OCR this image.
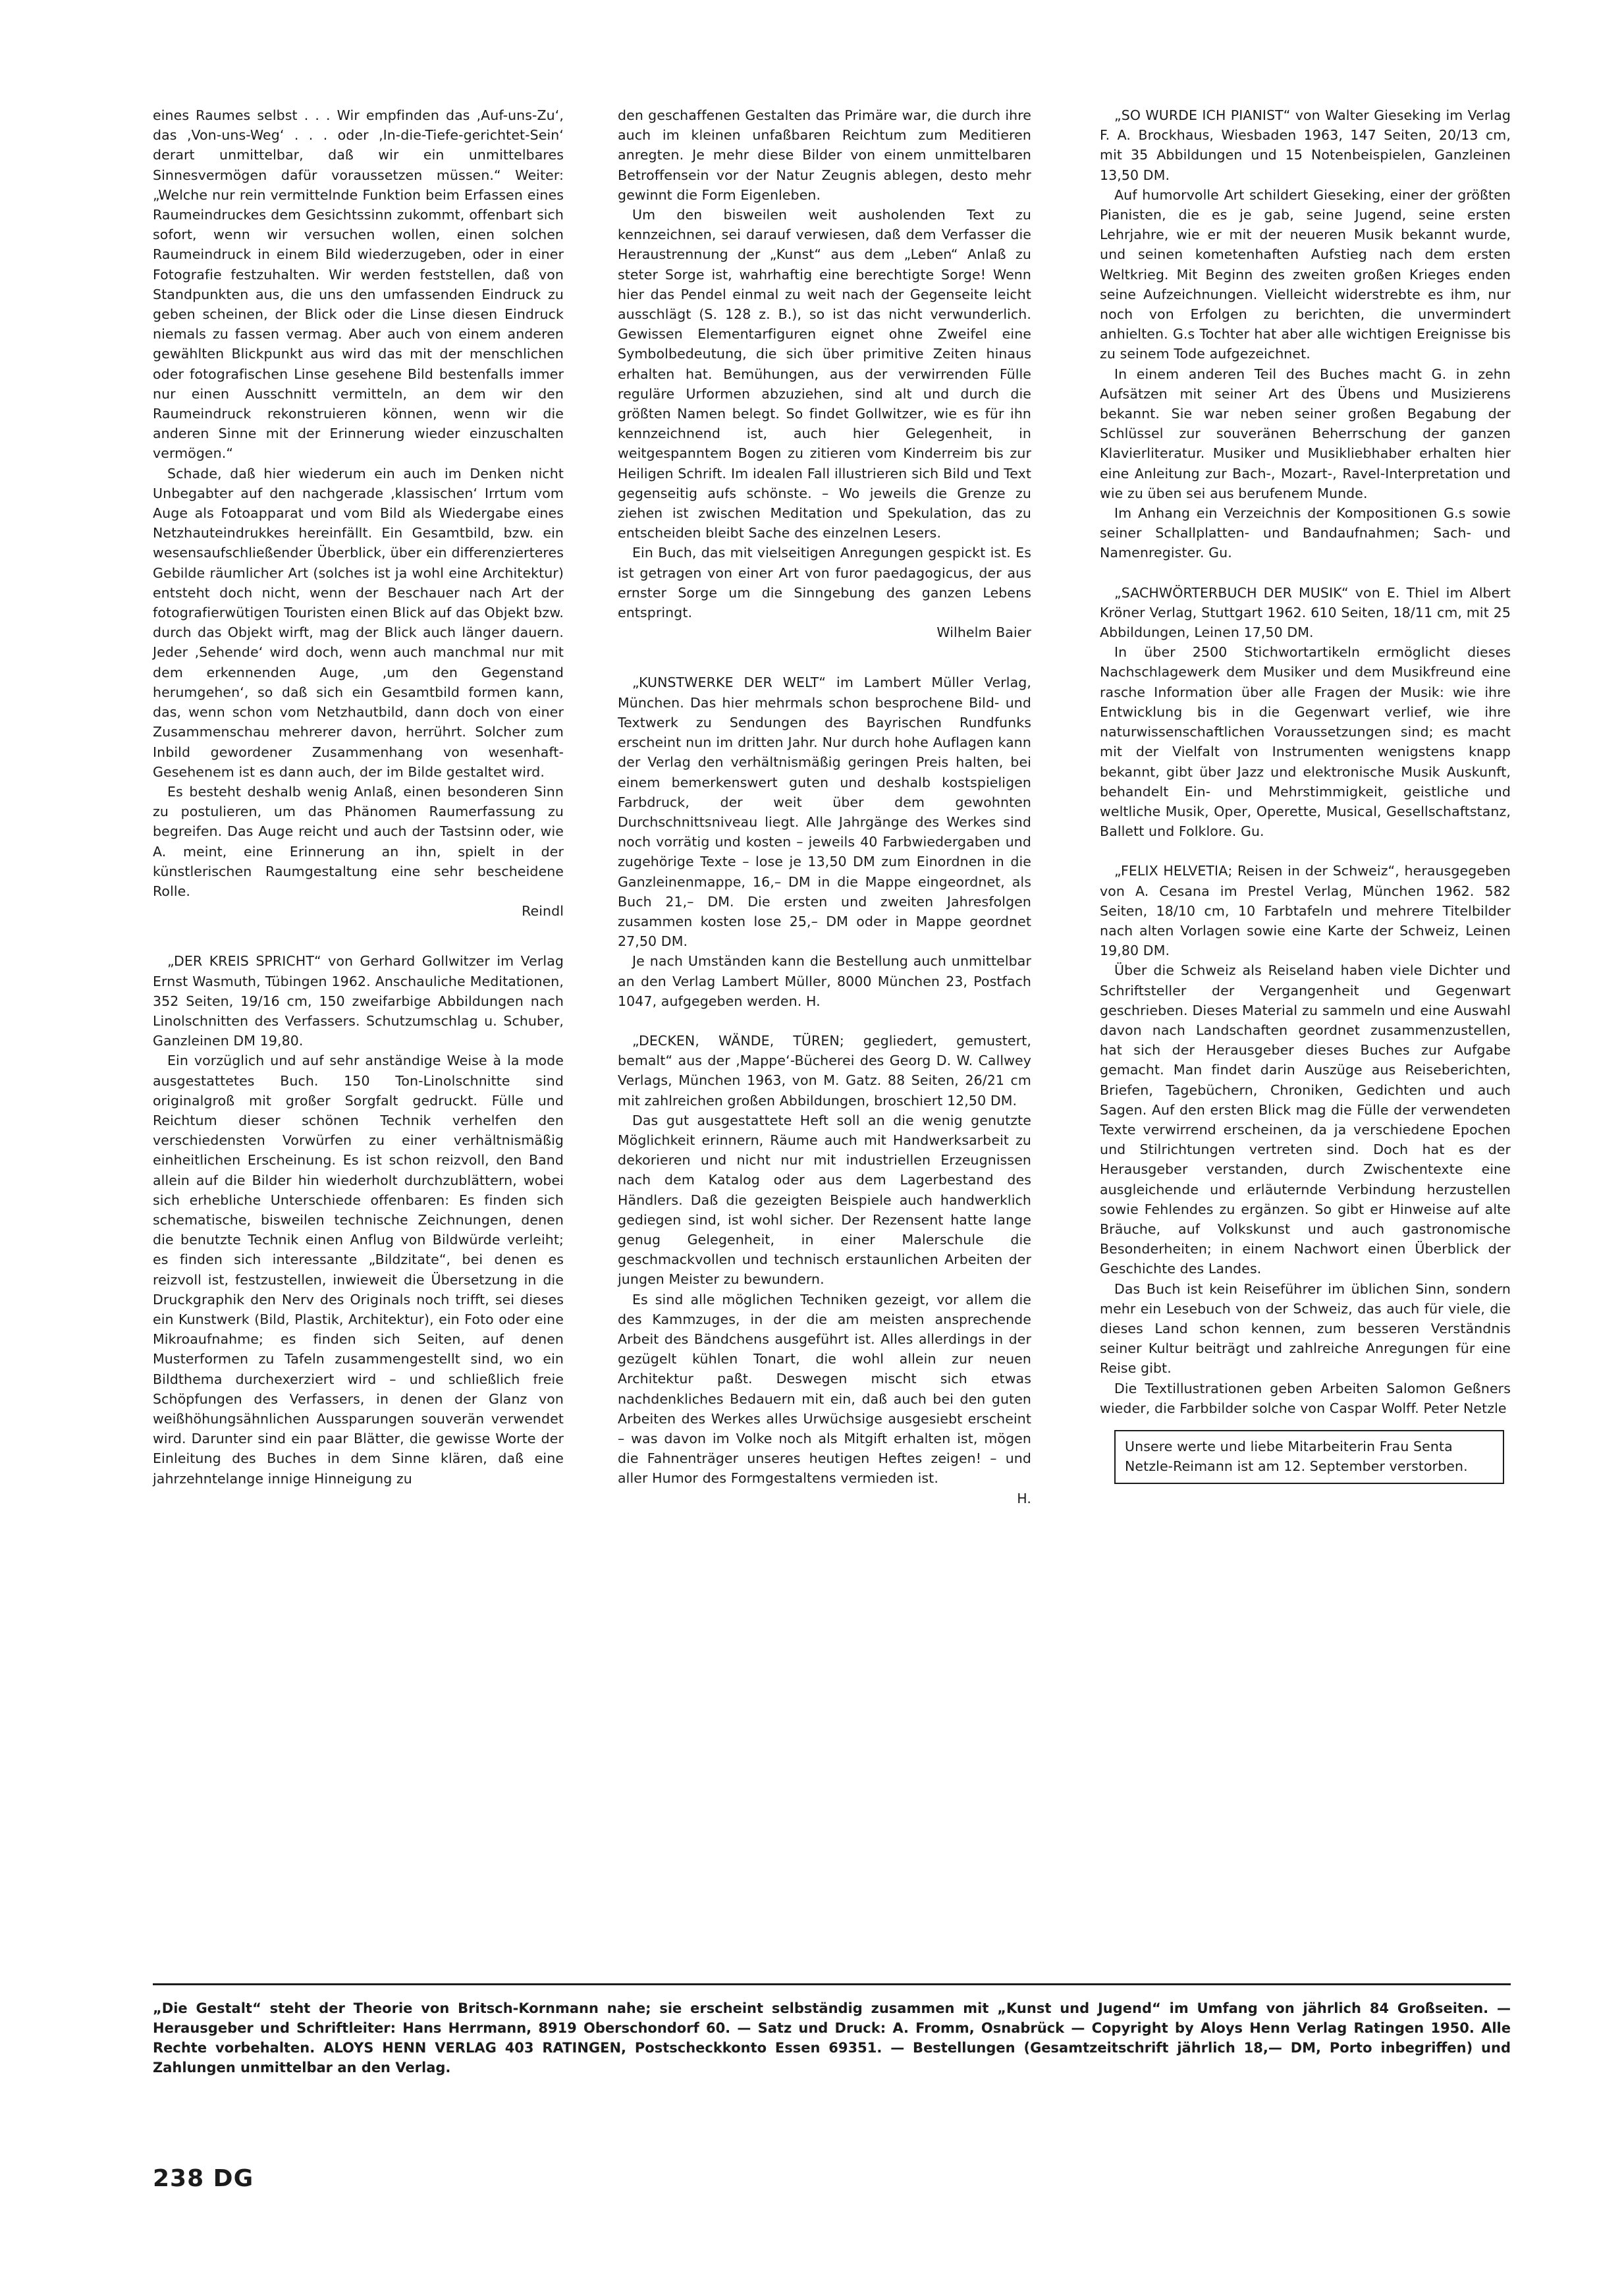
eines Raumes selbst . . . Wir empfinden das ‚Auf-uns-Zu‘, das ‚Von-uns-Weg‘ . . . oder ‚In-die-Tiefe-gerichtet-Sein‘ derart unmittelbar, daß wir ein unmittelbares Sinnesvermögen dafür voraussetzen müssen.“ Weiter: „Welche nur rein vermittelnde Funktion beim Erfassen eines Raumeindruckes dem Gesichtssinn zukommt, offenbart sich sofort, wenn wir versuchen wollen, einen solchen Raumeindruck in einem Bild wiederzugeben, oder in einer Fotografie festzuhalten. Wir werden feststellen, daß von Standpunkten aus, die uns den umfassenden Eindruck zu geben scheinen, der Blick oder die Linse diesen Eindruck niemals zu fassen vermag. Aber auch von einem anderen gewählten Blickpunkt aus wird das mit der menschlichen oder fotografischen Linse gesehene Bild bestenfalls immer nur einen Ausschnitt vermitteln, an dem wir den Raumeindruck rekonstruieren können, wenn wir die anderen Sinne mit der Erinnerung wieder einzuschalten vermögen.“

Schade, daß hier wiederum ein auch im Denken nicht Unbegabter auf den nachgerade ‚klassischen‘ Irrtum vom Auge als Fotoapparat und vom Bild als Wiedergabe eines Netzhauteindrukkes hereinfällt. Ein Gesamtbild, bzw. ein wesensaufschließender Überblick, über ein differenzierteres Gebilde räumlicher Art (solches ist ja wohl eine Architektur) entsteht doch nicht, wenn der Beschauer nach Art der fotografierwütigen Touristen einen Blick auf das Objekt bzw. durch das Objekt wirft, mag der Blick auch länger dauern. Jeder ‚Sehende‘ wird doch, wenn auch manchmal nur mit dem erkennenden Auge, ‚um den Gegenstand herumgehen‘, so daß sich ein Gesamtbild formen kann, das, wenn schon vom Netzhautbild, dann doch von einer Zusammenschau mehrerer davon, herrührt. Solcher zum Inbild gewordener Zusammenhang von wesenhaft-Gesehenem ist es dann auch, der im Bilde gestaltet wird.

Es besteht deshalb wenig Anlaß, einen besonderen Sinn zu postulieren, um das Phänomen Raumerfassung zu begreifen. Das Auge reicht und auch der Tastsinn oder, wie A. meint, eine Erinnerung an ihn, spielt in der künstlerischen Raumgestaltung eine sehr bescheidene Rolle.

Reindl

„DER KREIS SPRICHT“ von Gerhard Gollwitzer im Verlag Ernst Wasmuth, Tübingen 1962. Anschauliche Meditationen, 352 Seiten, 19/16 cm, 150 zweifarbige Abbildungen nach Linolschnitten des Verfassers. Schutzumschlag u. Schuber, Ganzleinen DM 19,80.

Ein vorzüglich und auf sehr anständige Weise à la mode ausgestattetes Buch. 150 Ton-Linolschnitte sind originalgroß mit großer Sorgfalt gedruckt. Fülle und Reichtum dieser schönen Technik verhelfen den verschiedensten Vorwürfen zu einer verhältnismäßig einheitlichen Erscheinung. Es ist schon reizvoll, den Band allein auf die Bilder hin wiederholt durchzublättern, wobei sich erhebliche Unterschiede offenbaren: Es finden sich schematische, bisweilen technische Zeichnungen, denen die benutzte Technik einen Anflug von Bildwürde verleiht; es finden sich interessante „Bildzitate“, bei denen es reizvoll ist, festzustellen, inwieweit die Übersetzung in die Druckgraphik den Nerv des Originals noch trifft, sei dieses ein Kunstwerk (Bild, Plastik, Architektur), ein Foto oder eine Mikroaufnahme; es finden sich Seiten, auf denen Musterformen zu Tafeln zusammengestellt sind, wo ein Bildthema durchexerziert wird – und schließlich freie Schöpfungen des Verfassers, in denen der Glanz von weißhöhungsähnlichen Aussparungen souverän verwendet wird. Darunter sind ein paar Blätter, die gewisse Worte der Einleitung des Buches in dem Sinne klären, daß eine jahrzehntelange innige Hinneigung zu

den geschaffenen Gestalten das Primäre war, die durch ihre auch im kleinen unfaßbaren Reichtum zum Meditieren anregten. Je mehr diese Bilder von einem unmittelbaren Betroffensein vor der Natur Zeugnis ablegen, desto mehr gewinnt die Form Eigenleben.

Um den bisweilen weit ausholenden Text zu kennzeichnen, sei darauf verwiesen, daß dem Verfasser die Heraustrennung der „Kunst“ aus dem „Leben“ Anlaß zu steter Sorge ist, wahrhaftig eine berechtigte Sorge! Wenn hier das Pendel einmal zu weit nach der Gegenseite leicht ausschlägt (S. 128 z. B.), so ist das nicht verwunderlich. Gewissen Elementarfiguren eignet ohne Zweifel eine Symbolbedeutung, die sich über primitive Zeiten hinaus erhalten hat. Bemühungen, aus der verwirrenden Fülle reguläre Urformen abzuziehen, sind alt und durch die größten Namen belegt. So findet Gollwitzer, wie es für ihn kennzeichnend ist, auch hier Gelegenheit, in weitgespanntem Bogen zu zitieren vom Kinderreim bis zur Heiligen Schrift. Im idealen Fall illustrieren sich Bild und Text gegenseitig aufs schönste. – Wo jeweils die Grenze zu ziehen ist zwischen Meditation und Spekulation, das zu entscheiden bleibt Sache des einzelnen Lesers.

Ein Buch, das mit vielseitigen Anregungen gespickt ist. Es ist getragen von einer Art von furor paedagogicus, der aus ernster Sorge um die Sinngebung des ganzen Lebens entspringt.

Wilhelm Baier

„KUNSTWERKE DER WELT“ im Lambert Müller Verlag, München. Das hier mehrmals schon besprochene Bild- und Textwerk zu Sendungen des Bayrischen Rundfunks erscheint nun im dritten Jahr. Nur durch hohe Auflagen kann der Verlag den verhältnismäßig geringen Preis halten, bei einem bemerkenswert guten und deshalb kostspieligen Farbdruck, der weit über dem gewohnten Durchschnittsniveau liegt. Alle Jahrgänge des Werkes sind noch vorrätig und kosten – jeweils 40 Farbwiedergaben und zugehörige Texte – lose je 13,50 DM zum Einordnen in die Ganzleinenmappe, 16,– DM in die Mappe eingeordnet, als Buch 21,– DM. Die ersten und zweiten Jahresfolgen zusammen kosten lose 25,– DM oder in Mappe geordnet 27,50 DM.

Je nach Umständen kann die Bestellung auch unmittelbar an den Verlag Lambert Müller, 8000 München 23, Postfach 1047, aufgegeben werden. H.

„DECKEN, WÄNDE, TÜREN; gegliedert, gemustert, bemalt“ aus der ‚Mappe‘-Bücherei des Georg D. W. Callwey Verlags, München 1963, von M. Gatz. 88 Seiten, 26/21 cm mit zahlreichen großen Abbildungen, broschiert 12,50 DM.

Das gut ausgestattete Heft soll an die wenig genutzte Möglichkeit erinnern, Räume auch mit Handwerksarbeit zu dekorieren und nicht nur mit industriellen Erzeugnissen nach dem Katalog oder aus dem Lagerbestand des Händlers. Daß die gezeigten Beispiele auch handwerklich gediegen sind, ist wohl sicher. Der Rezensent hatte lange genug Gelegenheit, in einer Malerschule die geschmackvollen und technisch erstaunlichen Arbeiten der jungen Meister zu bewundern.

Es sind alle möglichen Techniken gezeigt, vor allem die des Kammzuges, in der die am meisten ansprechende Arbeit des Bändchens ausgeführt ist. Alles allerdings in der gezügelt kühlen Tonart, die wohl allein zur neuen Architektur paßt. Deswegen mischt sich etwas nachdenkliches Bedauern mit ein, daß auch bei den guten Arbeiten des Werkes alles Urwüchsige ausgesiebt erscheint – was davon im Volke noch als Mitgift erhalten ist, mögen die Fahnenträger unseres heutigen Heftes zeigen! – und aller Humor des Formgestaltens vermieden ist.

H.

„SO WURDE ICH PIANIST“ von Walter Gieseking im Verlag F. A. Brockhaus, Wiesbaden 1963, 147 Seiten, 20/13 cm, mit 35 Abbildungen und 15 Notenbeispielen, Ganzleinen 13,50 DM.

Auf humorvolle Art schildert Gieseking, einer der größten Pianisten, die es je gab, seine Jugend, seine ersten Lehrjahre, wie er mit der neueren Musik bekannt wurde, und seinen kometenhaften Aufstieg nach dem ersten Weltkrieg. Mit Beginn des zweiten großen Krieges enden seine Aufzeichnungen. Vielleicht widerstrebte es ihm, nur noch von Erfolgen zu berichten, die unvermindert anhielten. G.s Tochter hat aber alle wichtigen Ereignisse bis zu seinem Tode aufgezeichnet.

In einem anderen Teil des Buches macht G. in zehn Aufsätzen mit seiner Art des Übens und Musizierens bekannt. Sie war neben seiner großen Begabung der Schlüssel zur souveränen Beherrschung der ganzen Klavierliteratur. Musiker und Musikliebhaber erhalten hier eine Anleitung zur Bach-, Mozart-, Ravel-Interpretation und wie zu üben sei aus berufenem Munde.

Im Anhang ein Verzeichnis der Kompositionen G.s sowie seiner Schallplatten- und Bandaufnahmen; Sach- und Namenregister. Gu.

„SACHWÖRTERBUCH DER MUSIK“ von E. Thiel im Albert Kröner Verlag, Stuttgart 1962. 610 Seiten, 18/11 cm, mit 25 Abbildungen, Leinen 17,50 DM.

In über 2500 Stichwortartikeln ermöglicht dieses Nachschlagewerk dem Musiker und dem Musikfreund eine rasche Information über alle Fragen der Musik: wie ihre Entwicklung bis in die Gegenwart verlief, wie ihre naturwissenschaftlichen Voraussetzungen sind; es macht mit der Vielfalt von Instrumenten wenigstens knapp bekannt, gibt über Jazz und elektronische Musik Auskunft, behandelt Ein- und Mehrstimmigkeit, geistliche und weltliche Musik, Oper, Operette, Musical, Gesellschaftstanz, Ballett und Folklore. Gu.

„FELIX HELVETIA; Reisen in der Schweiz“, herausgegeben von A. Cesana im Prestel Verlag, München 1962. 582 Seiten, 18/10 cm, 10 Farbtafeln und mehrere Titelbilder nach alten Vorlagen sowie eine Karte der Schweiz, Leinen 19,80 DM.

Über die Schweiz als Reiseland haben viele Dichter und Schriftsteller der Vergangenheit und Gegenwart geschrieben. Dieses Material zu sammeln und eine Auswahl davon nach Landschaften geordnet zusammenzustellen, hat sich der Herausgeber dieses Buches zur Aufgabe gemacht. Man findet darin Auszüge aus Reiseberichten, Briefen, Tagebüchern, Chroniken, Gedichten und auch Sagen. Auf den ersten Blick mag die Fülle der verwendeten Texte verwirrend erscheinen, da ja verschiedene Epochen und Stilrichtungen vertreten sind. Doch hat es der Herausgeber verstanden, durch Zwischentexte eine ausgleichende und erläuternde Verbindung herzustellen sowie Fehlendes zu ergänzen. So gibt er Hinweise auf alte Bräuche, auf Volkskunst und auch gastronomische Besonderheiten; in einem Nachwort einen Überblick der Geschichte des Landes.

Das Buch ist kein Reiseführer im üblichen Sinn, sondern mehr ein Lesebuch von der Schweiz, das auch für viele, die dieses Land schon kennen, zum besseren Verständnis seiner Kultur beiträgt und zahlreiche Anregungen für eine Reise gibt.

Die Textillustrationen geben Arbeiten Salomon Geßners wieder, die Farbbilder solche von Caspar Wolff. Peter Netzle

Unsere werte und liebe Mitarbeiterin Frau Senta Netzle-Reimann ist am 12. September verstorben.

„Die Gestalt“ steht der Theorie von Britsch-Kornmann nahe; sie erscheint selbständig zusammen mit „Kunst und Jugend“ im Umfang von jährlich 84 Großseiten. — Herausgeber und Schriftleiter: Hans Herrmann, 8919 Oberschondorf 60. — Satz und Druck: A. Fromm, Osnabrück — Copyright by Aloys Henn Verlag Ratingen 1950. Alle Rechte vorbehalten. ALOYS HENN VERLAG 403 RATINGEN, Postscheckkonto Essen 69351. — Bestellungen (Gesamtzeitschrift jährlich 18,— DM, Porto inbegriffen) und Zahlungen unmittelbar an den Verlag.

238 DG
